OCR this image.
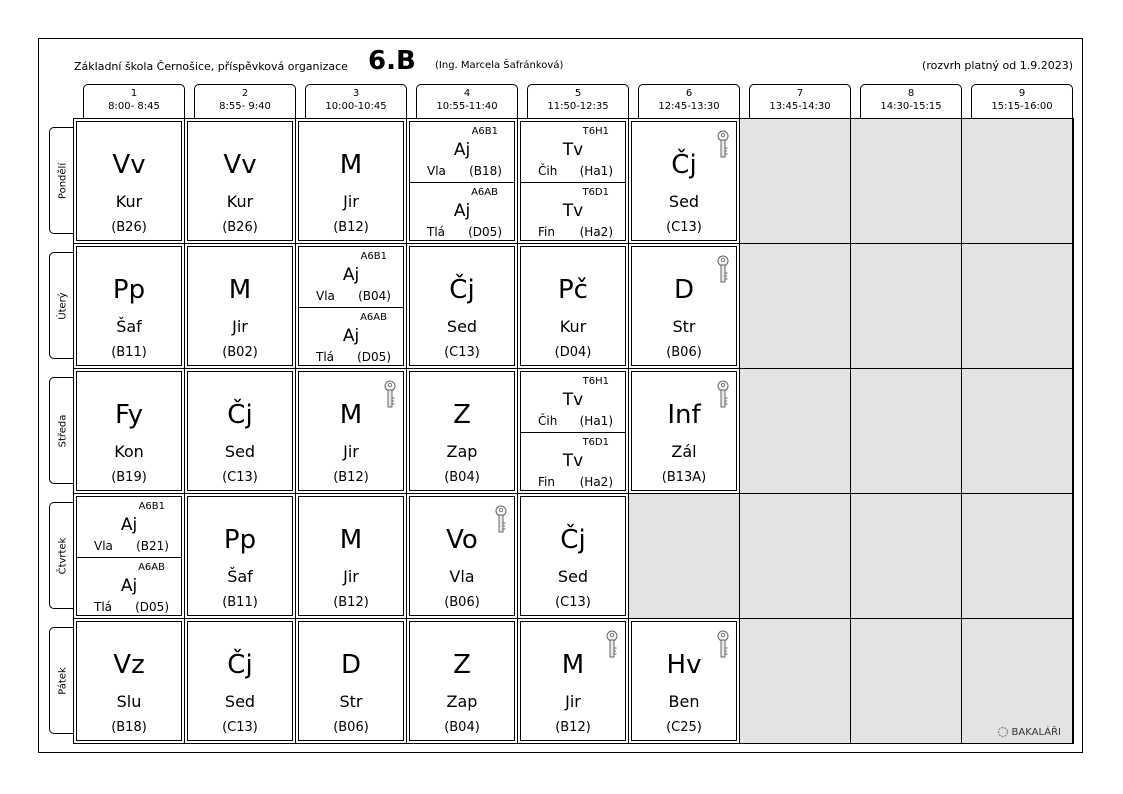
Základní škola Černošice, příspěvková organizace 6.B (Ing. Marcela Šafránková)	(rozvrh platný od 1.9.2023)
1
8:00- 8:45
2
8:55- 9:40
3
10:00-10:45
4
10:55-11:40
5
11:50-12:35
6
12:45-13:30
7
13:45-14:30
8
14:30-15:15
9
15:15-16:00
Pondělí
Úterý
Středa
Čtvrtek
Pátek
Vv
Kur
(B26)
Vv
Kur
(B26)
M
Jir
(B12)
A6B1
Aj
Vla (B18)
A6AB
Aj
Tlá (D05)
T6H1
Tv
Čih (Ha1)
T6D1
Tv
Fin (Ha2)
Čj
Sed
(C13)
Pp
Šaf
(B11)
M
Jir
(B02)
A6B1
Aj
Vla (B04)
A6AB
Aj
Tlá (D05)
Čj
Sed
(C13)
Pč
Kur
(D04)
D
Str
(B06)
Fy
Kon
(B19)
Čj
Sed
(C13)
M
Jir
(B12)
Z
Zap
(B04)
T6H1
Tv
Čih (Ha1)
T6D1
Tv
Fin (Ha2)
Inf
Zál
(B13A)
A6B1
Aj
Vla (B21)
A6AB
Aj
Tlá (D05)
Pp
Šaf
(B11)
M
Jir
(B12)
Vo
Vla
(B06)
Čj
Sed
(C13)
Vz
Slu
(B18)
Čj
Sed
(C13)
D
Str
(B06)
Z
Zap
(B04)
M
Jir
(B12)
Hv
Ben
(C25)	BAKALÁŘI
